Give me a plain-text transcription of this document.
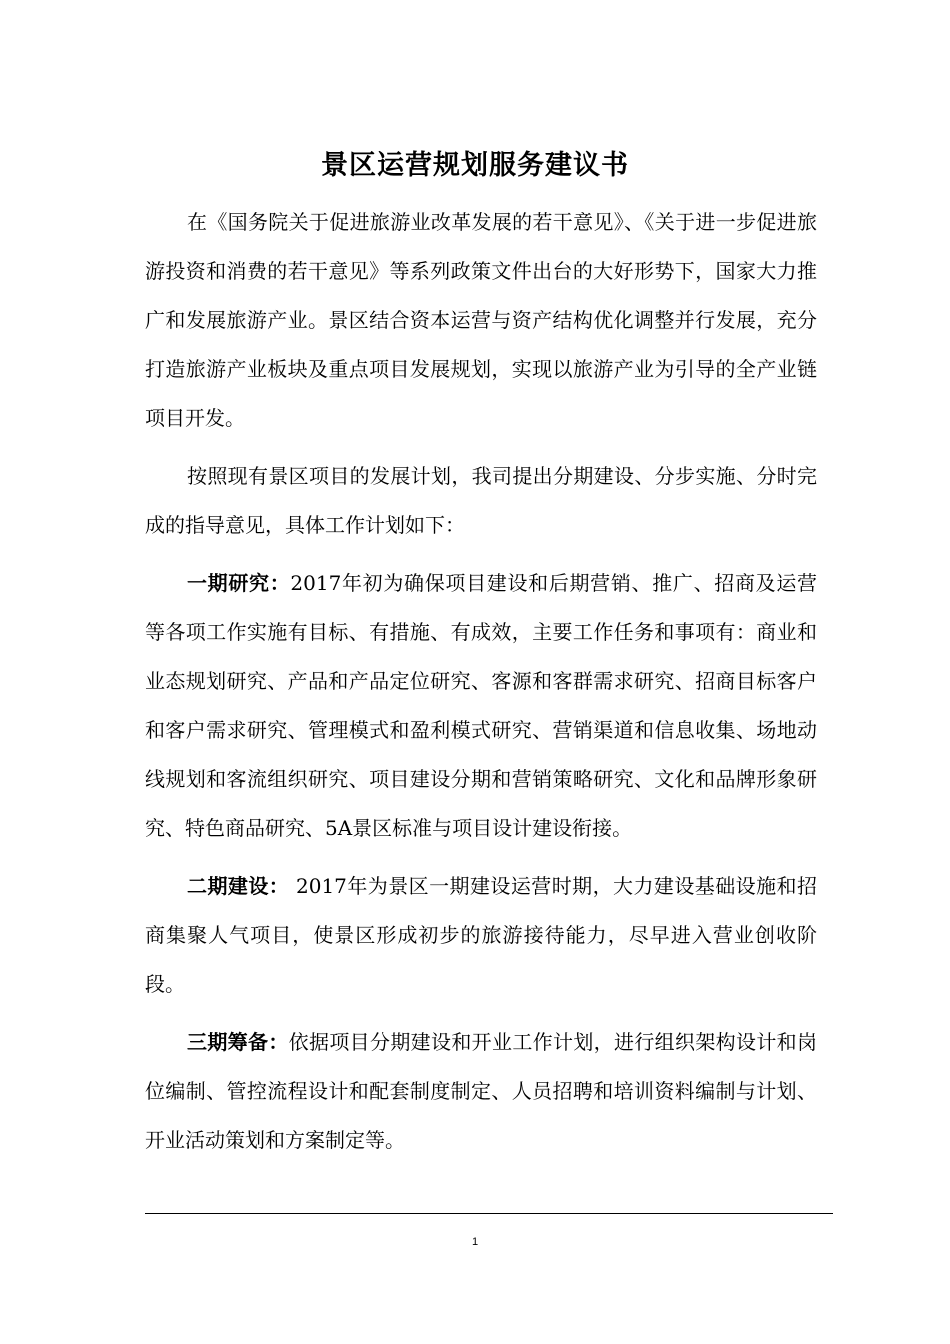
景区运营规划服务建议书

在《国务院关于促进旅游业改革发展的若干意见》、《关于进一步促进旅游投资和消费的若干意见》等系列政策文件出台的大好形势下，国家大力推广和发展旅游产业。景区结合资本运营与资产结构优化调整并行发展，充分打造旅游产业板块及重点项目发展规划，实现以旅游产业为引导的全产业链项目开发。

按照现有景区项目的发展计划，我司提出分期建设、分步实施、分时完成的指导意见，具体工作计划如下：

一期研究：2017年初为确保项目建设和后期营销、推广、招商及运营等各项工作实施有目标、有措施、有成效，主要工作任务和事项有：商业和业态规划研究、产品和产品定位研究、客源和客群需求研究、招商目标客户和客户需求研究、管理模式和盈利模式研究、营销渠道和信息收集、场地动线规划和客流组织研究、项目建设分期和营销策略研究、文化和品牌形象研究、特色商品研究、5A景区标准与项目设计建设衔接。

二期建设： 2017年为景区一期建设运营时期，大力建设基础设施和招商集聚人气项目，使景区形成初步的旅游接待能力，尽早进入营业创收阶段。

三期筹备：依据项目分期建设和开业工作计划，进行组织架构设计和岗位编制、管控流程设计和配套制度制定、人员招聘和培训资料编制与计划、开业活动策划和方案制定等。

1
